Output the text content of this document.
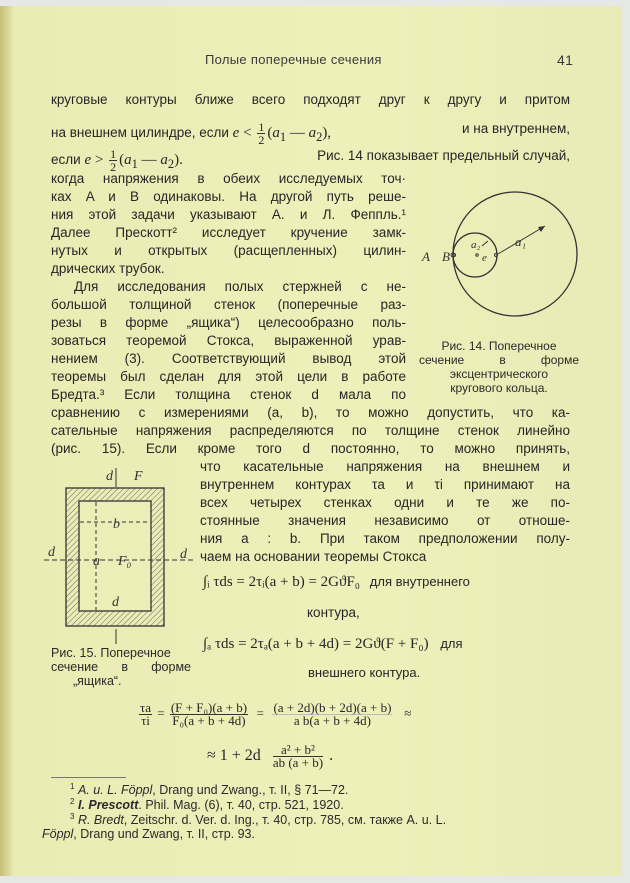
Полые поперечные сечения	41
круговые контуры ближе всего подходят друг к другу и притом
на внешнем цилиндре, если $e < \frac{1}{2} (a_1$ — $a_2$),	и на внутреннем,
если $e > \frac{1}{2} (a_1$ — $a_2$).	Рис. 14 показывает предельный случай,
когда напряжения в обеих исследуемых точ·
ках A и B одинаковы. На другой путь реше-
ния этой задачи указывают А. и Л. Феппль.¹
Далее Прескотт² исследует кручение замк-
нутых и открытых (расщепленных) цилин-
дрических трубок.
Для исследования полых стержней с не-
большой толщиной стенок (поперечные раз-
резы в форме „ящика“) целесообразно поль-
зоваться теоремой Стокса, выраженной урав-
нением (3). Соответствующий вывод этой
теоремы был сделан для этой цели в работе
Бредта.³ Если толщина стенок d мала по
сравнению с измерениями (a, b), то можно допустить, что ка-
сательные напряжения распределяются по толщине стенок линейно
(рис. 15). Если кроме того d постоянно, то можно принять,
что касательные напряжения на внешнем и
внутреннем контурах τa и τi принимают на
всех четырех стенках одни и те же по-
стоянные значения независимо от отноше-
ния a : b. При таком предположении полу-
чаем на основании теоремы Стокса
∫ᵢ τds = 2τᵢ(a + b) = 2GϑF₀ для внутреннего
контура,
∫ₐ τds = 2τₐ(a + b + 4d) = 2Gϑ(F + F₀) для
внешнего контура.
$\frac{\tau a}{\tau i} = \frac{\text{(F + F₀)(a + b)}}{\text{F₀(a + b + 4d)}} = \frac{(a + 2d)(b + 2d)(a + b)}{\text{a b(a + b + 4d)}}$ ≈
≈ $1 + 2d \frac{\text{a² + b²}}{ab (a + b)}$ .
A B
a₂
e
a₁
Рис. 14. Поперечное
сечение в форме
эксцентрического
кругового кольца.
d F
b
a F₀
d	d
d
Рис. 15. Поперечное
сечение в форме
„ящика“.
$^1$ A. u. L. Föppl, Drang und Zwang., т. II, § 71—72.
$^2$ I. Prescott. Phil. Mag. (6), т. 40, стр. 521, 1920.
$^3$ R. Bredt, Zeitschr. d. Ver. d. Ing., т. 40, стр. 785, см. также A. u. L.
Föppl, Drang und Zwang, т. II, стр. 93.
